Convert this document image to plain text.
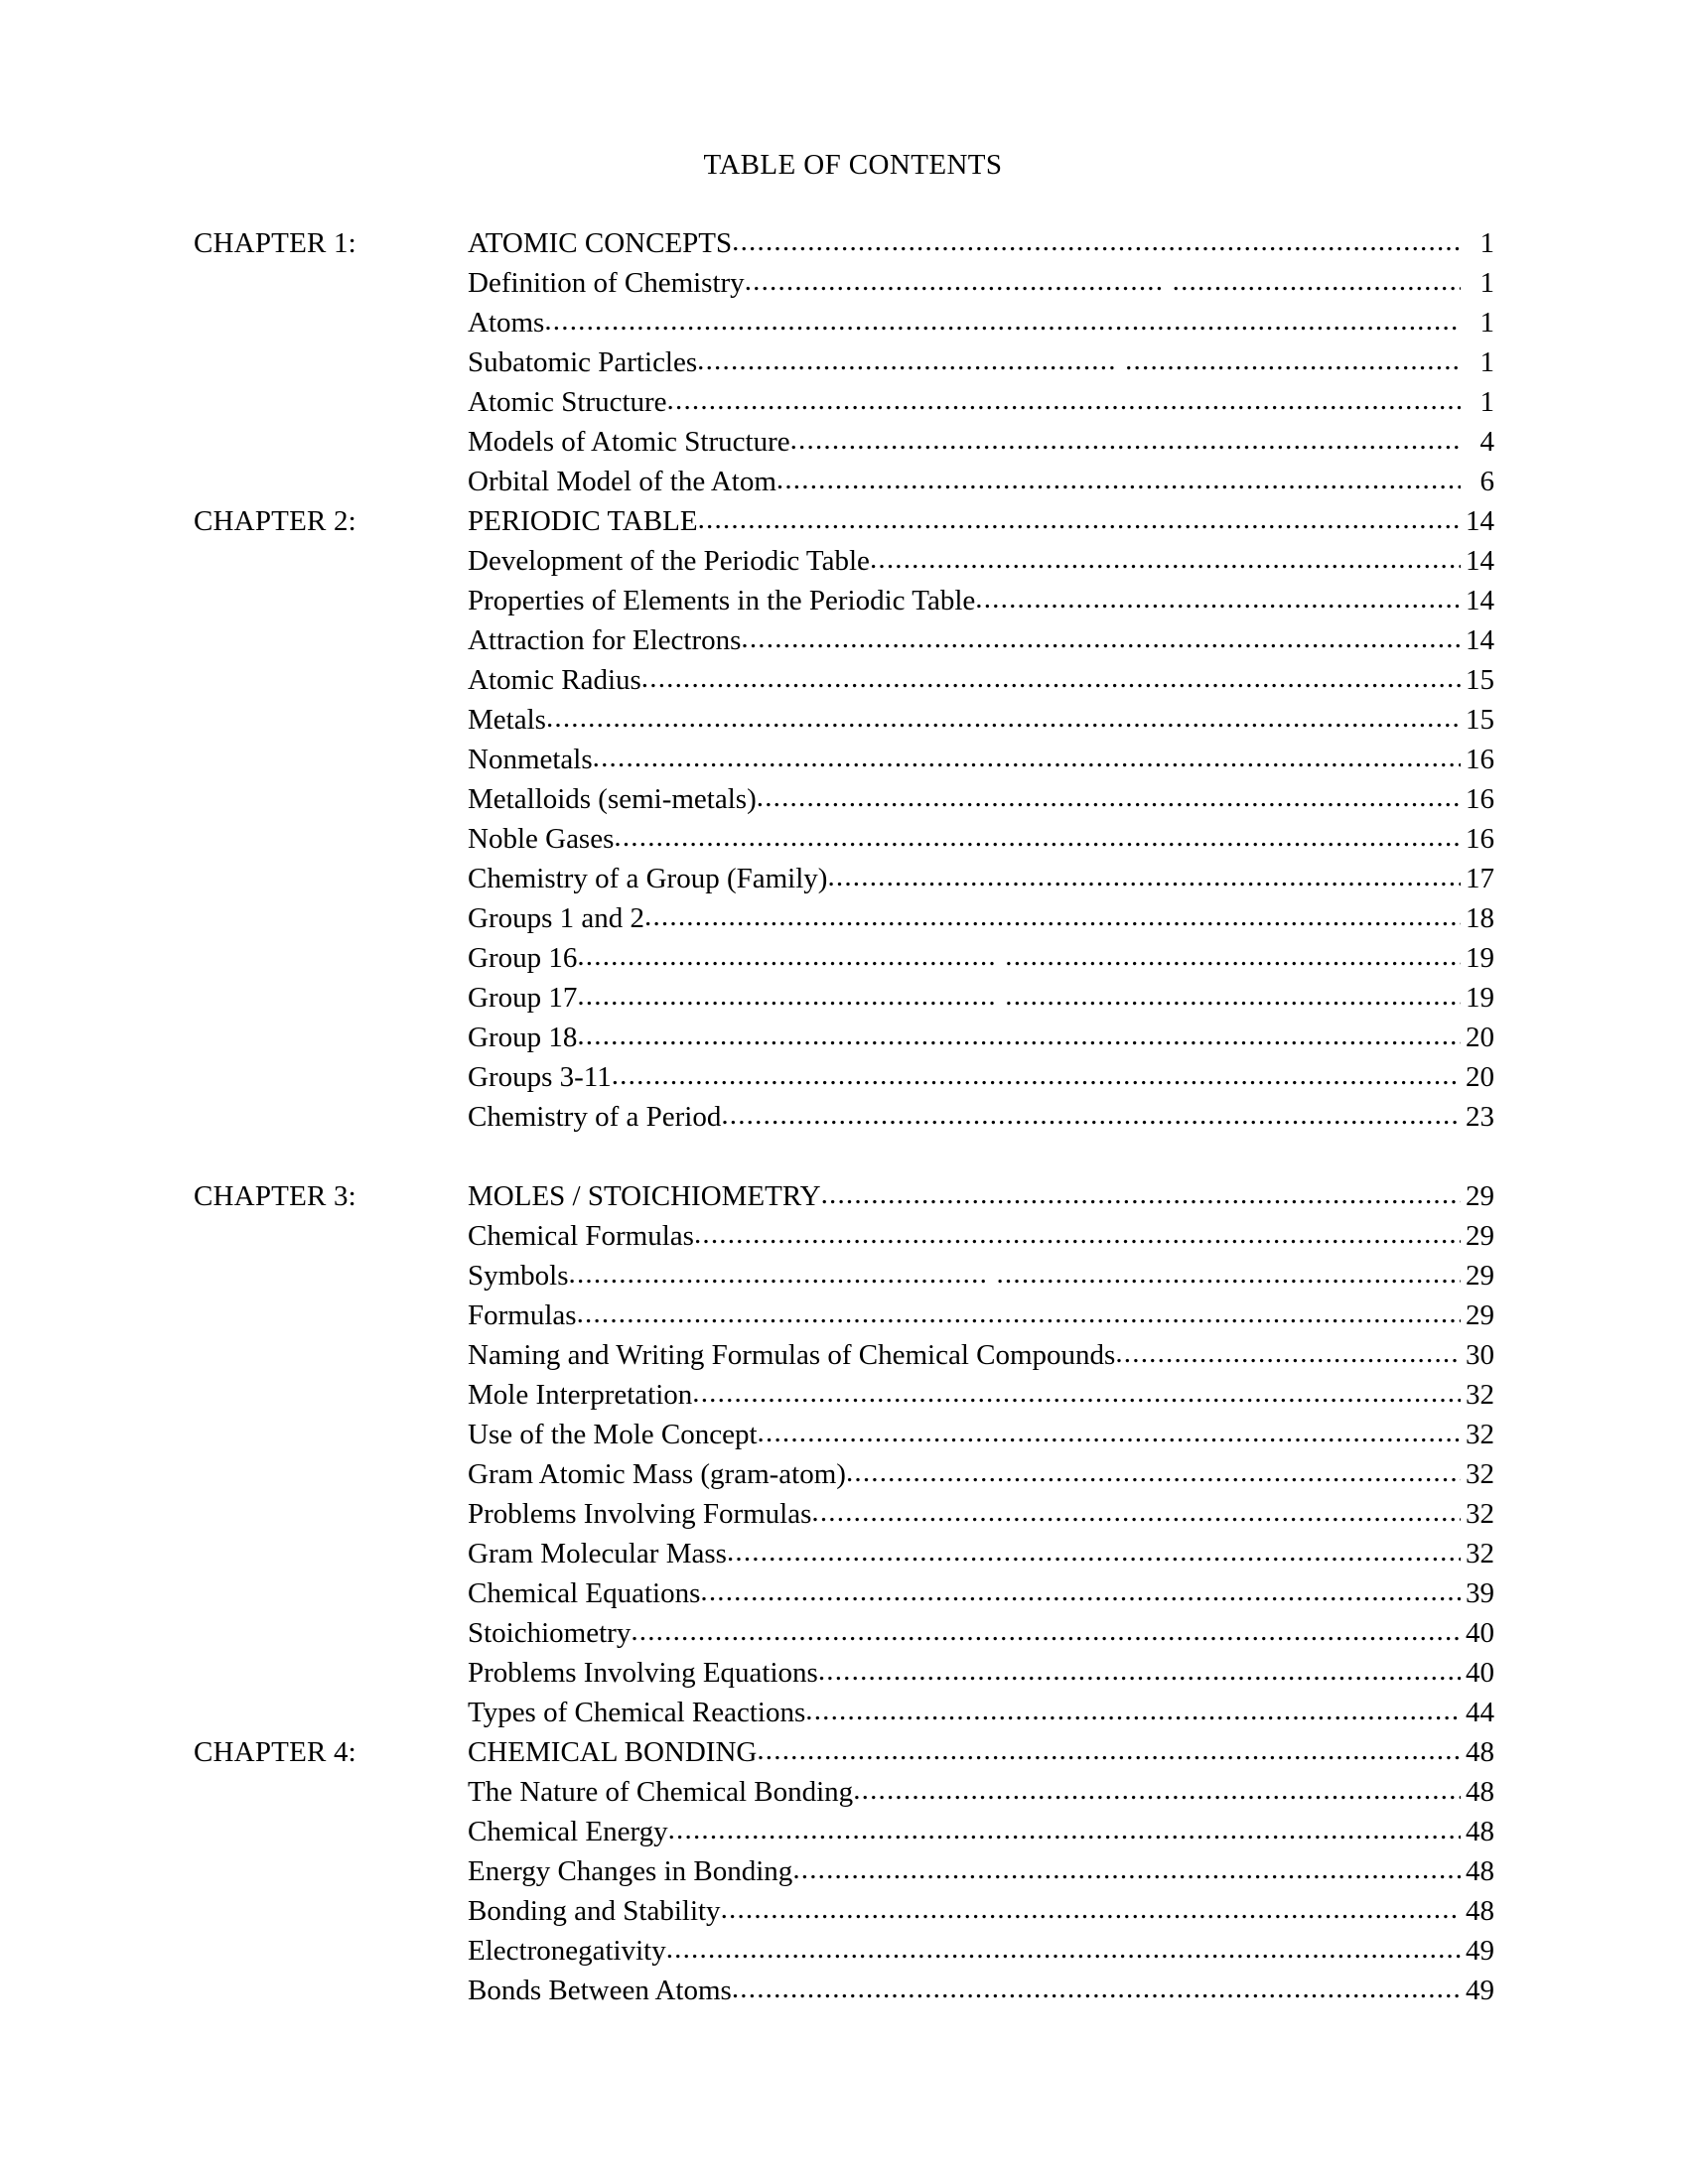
TABLE OF CONTENTS
CHAPTER 1:	ATOMIC CONCEPTS .....	1
Definition of Chemistry .....	1
Atoms .....	1
Subatomic Particles .....	1
Atomic Structure .....	1
Models of Atomic Structure .....	4
Orbital Model of the Atom .....	6
CHAPTER 2:	PERIODIC TABLE .....	14
Development of the Periodic Table .....	14
Properties of Elements in the Periodic Table .....	14
Attraction for Electrons .....	14
Atomic Radius .....	15
Metals .....	15
Nonmetals .....	16
Metalloids (semi-metals) .....	16
Noble Gases .....	16
Chemistry of a Group (Family) .....	17
Groups 1 and 2 .....	18
Group 16 .....	19
Group 17 .....	19
Group 18 .....	20
Groups 3-11 .....	20
Chemistry of a Period .....	23
CHAPTER 3:	MOLES / STOICHIOMETRY .....	29
Chemical Formulas .....	29
Symbols .....	29
Formulas .....	29
Naming and Writing Formulas of Chemical Compounds .....	30
Mole Interpretation .....	32
Use of the Mole Concept .....	32
Gram Atomic Mass (gram-atom) .....	32
Problems Involving Formulas .....	32
Gram Molecular Mass .....	32
Chemical Equations .....	39
Stoichiometry .....	40
Problems Involving Equations .....	40
Types of Chemical Reactions .....	44
CHAPTER 4:	CHEMICAL BONDING .....	48
The Nature of Chemical Bonding .....	48
Chemical Energy .....	48
Energy Changes in Bonding .....	48
Bonding and Stability .....	48
Electronegativity .....	49
Bonds Between Atoms .....	49
